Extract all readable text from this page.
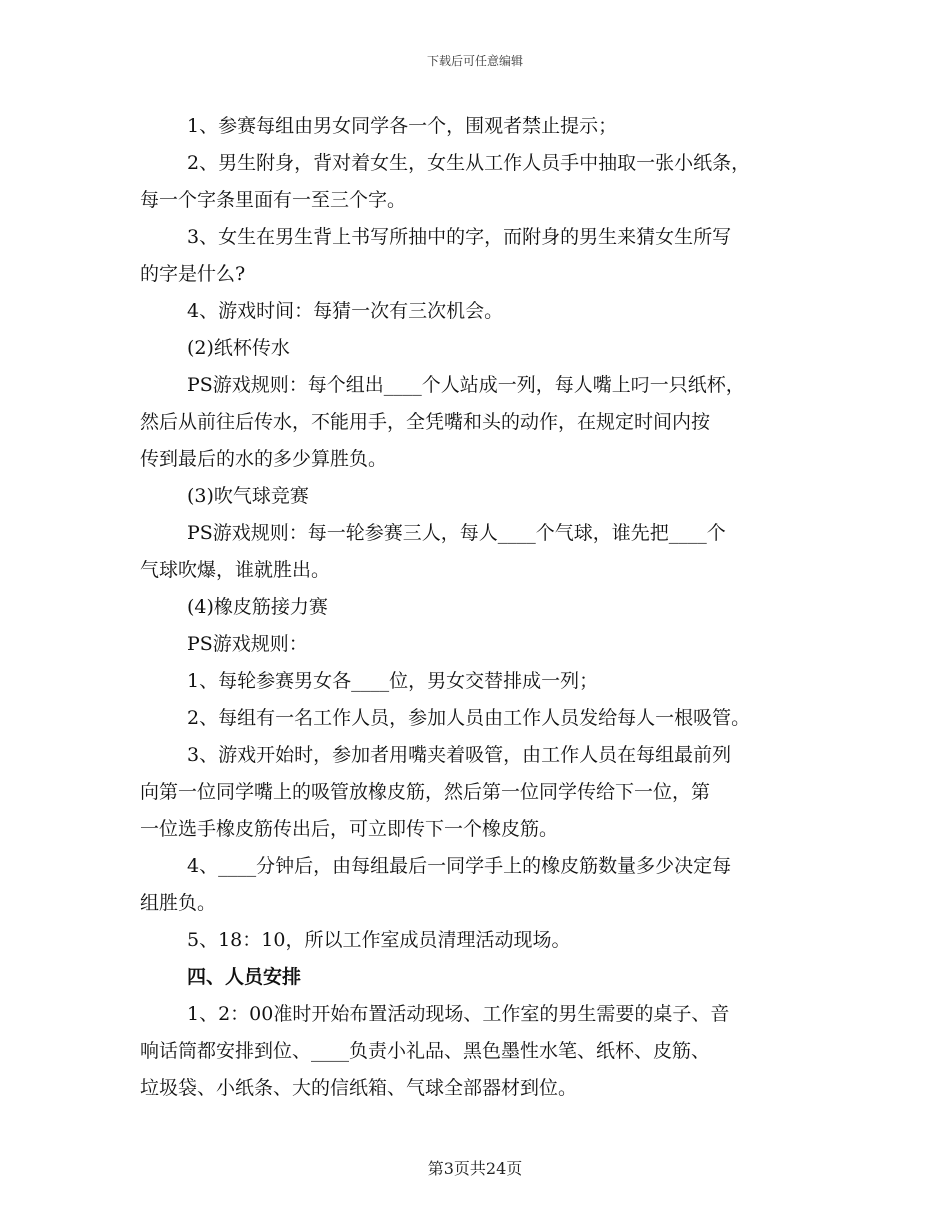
下载后可任意编辑

1、参赛每组由男女同学各一个，围观者禁止提示；

2、男生附身，背对着女生，女生从工作人员手中抽取一张小纸条，

每一个字条里面有一至三个字。

3、女生在男生背上书写所抽中的字，而附身的男生来猜女生所写

的字是什么?

4、游戏时间：每猜一次有三次机会。

(2)纸杯传水

PS游戏规则：每个组出____个人站成一列，每人嘴上叼一只纸杯，

然后从前往后传水，不能用手，全凭嘴和头的动作，在规定时间内按

传到最后的水的多少算胜负。

(3)吹气球竞赛

PS游戏规则：每一轮参赛三人，每人____个气球，谁先把____个

气球吹爆，谁就胜出。

(4)橡皮筋接力赛

PS游戏规则：

1、每轮参赛男女各____位，男女交替排成一列；

2、每组有一名工作人员，参加人员由工作人员发给每人一根吸管。

3、游戏开始时，参加者用嘴夹着吸管，由工作人员在每组最前列

向第一位同学嘴上的吸管放橡皮筋，然后第一位同学传给下一位，第

一位选手橡皮筋传出后，可立即传下一个橡皮筋。

4、____分钟后，由每组最后一同学手上的橡皮筋数量多少决定每

组胜负。

5、18：10，所以工作室成员清理活动现场。

四、人员安排

1、2：00准时开始布置活动现场、工作室的男生需要的桌子、音

响话筒都安排到位、____负责小礼品、黑色墨性水笔、纸杯、皮筋、

垃圾袋、小纸条、大的信纸箱、气球全部器材到位。

第3页共24页
